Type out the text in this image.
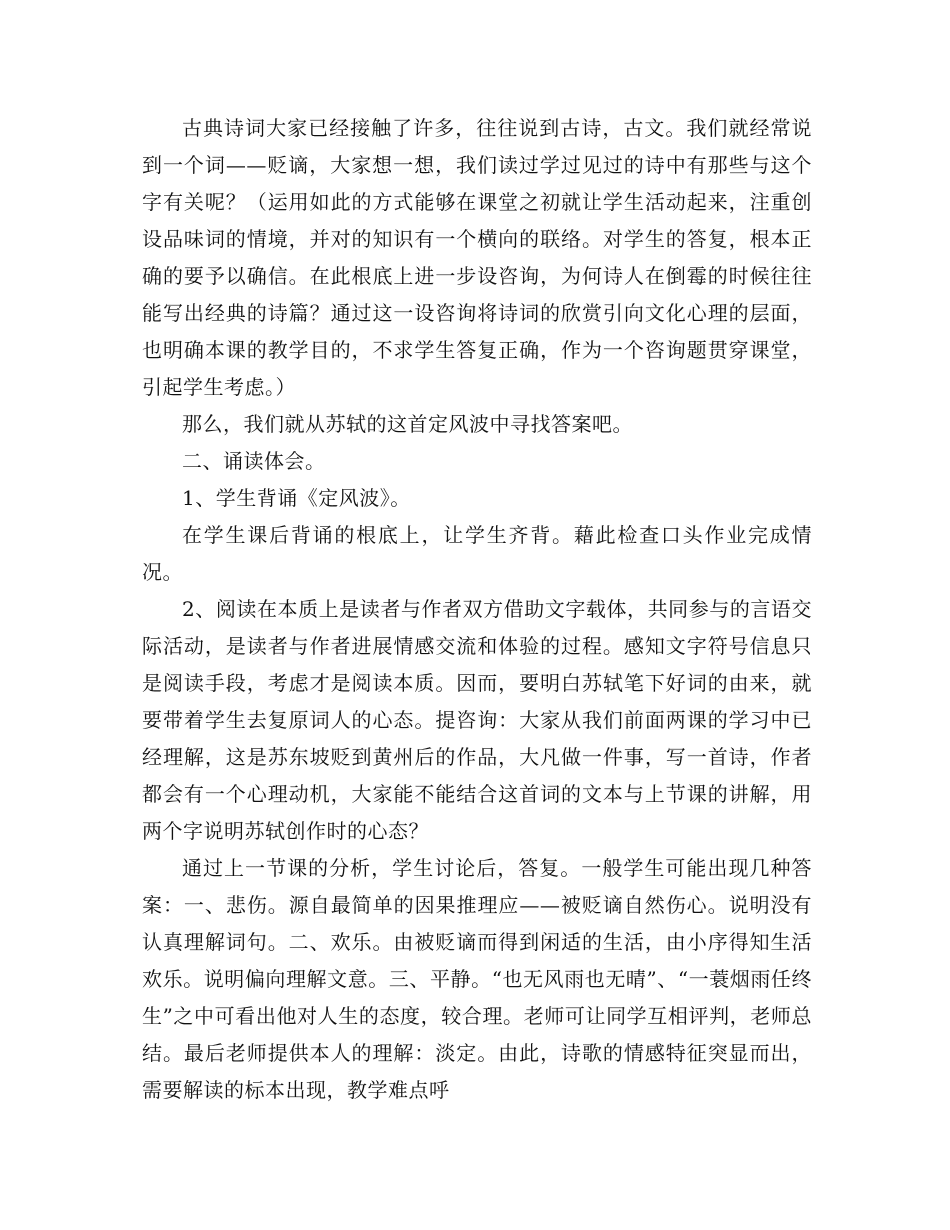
古典诗词大家已经接触了许多，往往说到古诗，古文。我们就经常说到一个词——贬谪，大家想一想，我们读过学过见过的诗中有那些与这个字有关呢？（运用如此的方式能够在课堂之初就让学生活动起来，注重创设品味词的情境，并对的知识有一个横向的联络。对学生的答复，根本正确的要予以确信。在此根底上进一步设咨询，为何诗人在倒霉的时候往往能写出经典的诗篇？通过这一设咨询将诗词的欣赏引向文化心理的层面，也明确本课的教学目的，不求学生答复正确，作为一个咨询题贯穿课堂，引起学生考虑。）

那么，我们就从苏轼的这首定风波中寻找答案吧。

二、诵读体会。

1、学生背诵《定风波》。

在学生课后背诵的根底上，让学生齐背。藉此检查口头作业完成情况。

2、阅读在本质上是读者与作者双方借助文字载体，共同参与的言语交际活动，是读者与作者进展情感交流和体验的过程。感知文字符号信息只是阅读手段，考虑才是阅读本质。因而，要明白苏轼笔下好词的由来，就要带着学生去复原词人的心态。提咨询：大家从我们前面两课的学习中已经理解，这是苏东坡贬到黄州后的作品，大凡做一件事，写一首诗，作者都会有一个心理动机，大家能不能结合这首词的文本与上节课的讲解，用两个字说明苏轼创作时的心态？

通过上一节课的分析，学生讨论后，答复。一般学生可能出现几种答案：一、悲伤。源自最简单的因果推理应——被贬谪自然伤心。说明没有认真理解词句。二、欢乐。由被贬谪而得到闲适的生活，由小序得知生活欢乐。说明偏向理解文意。三、平静。“也无风雨也无晴”、“一蓑烟雨任终生”之中可看出他对人生的态度，较合理。老师可让同学互相评判，老师总结。最后老师提供本人的理解：淡定。由此，诗歌的情感特征突显而出，需要解读的标本出现，教学难点呼
